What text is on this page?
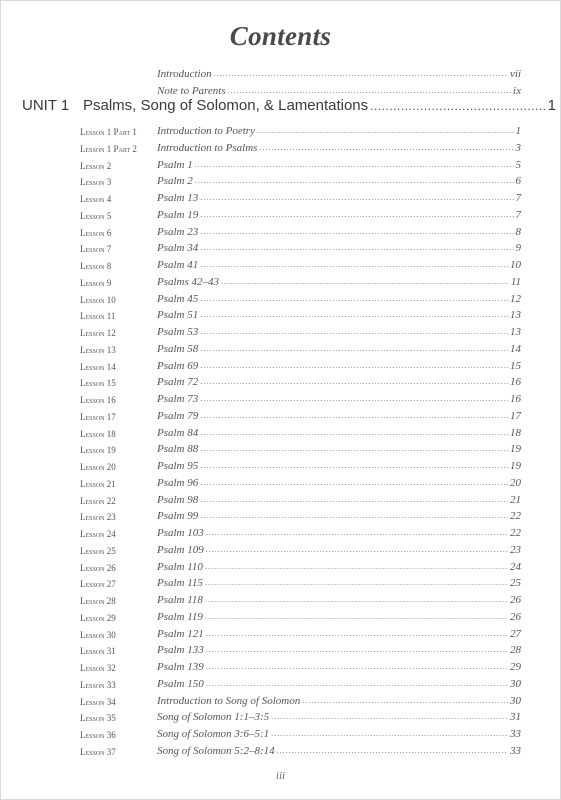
Contents
Introduction .....	vii
Note to Parents .....	ix
UNIT 1 Psalms, Song of Solomon, & Lamentations .....	1
Lesson 1 Part 1	Introduction to Poetry .....	1
Lesson 1 Part 2	Introduction to Psalms .....	3
Lesson 2	Psalm 1 .....	5
Lesson 3	Psalm 2 .....	6
Lesson 4	Psalm 13 .....	7
Lesson 5	Psalm 19 .....	7
Lesson 6	Psalm 23 .....	8
Lesson 7	Psalm 34 .....	9
Lesson 8	Psalm 41 .....	10
Lesson 9	Psalms 42–43 .....	11
Lesson 10	Psalm 45 .....	12
Lesson 11	Psalm 51 .....	13
Lesson 12	Psalm 53 .....	13
Lesson 13	Psalm 58 .....	14
Lesson 14	Psalm 69 .....	15
Lesson 15	Psalm 72 .....	16
Lesson 16	Psalm 73 .....	16
Lesson 17	Psalm 79 .....	17
Lesson 18	Psalm 84 .....	18
Lesson 19	Psalm 88 .....	19
Lesson 20	Psalm 95 .....	19
Lesson 21	Psalm 96 .....	20
Lesson 22	Psalm 98 .....	21
Lesson 23	Psalm 99 .....	22
Lesson 24	Psalm 103 .....	22
Lesson 25	Psalm 109 .....	23
Lesson 26	Psalm 110 .....	24
Lesson 27	Psalm 115 .....	25
Lesson 28	Psalm 118 .....	26
Lesson 29	Psalm 119 .....	26
Lesson 30	Psalm 121 .....	27
Lesson 31	Psalm 133 .....	28
Lesson 32	Psalm 139 .....	29
Lesson 33	Psalm 150 .....	30
Lesson 34	Introduction to Song of Solomon .....	30
Lesson 35	Song of Solomon 1:1–3:5 .....	31
Lesson 36	Song of Solomon 3:6–5:1 .....	33
Lesson 37	Song of Solomon 5:2–8:14 .....	33
iii
